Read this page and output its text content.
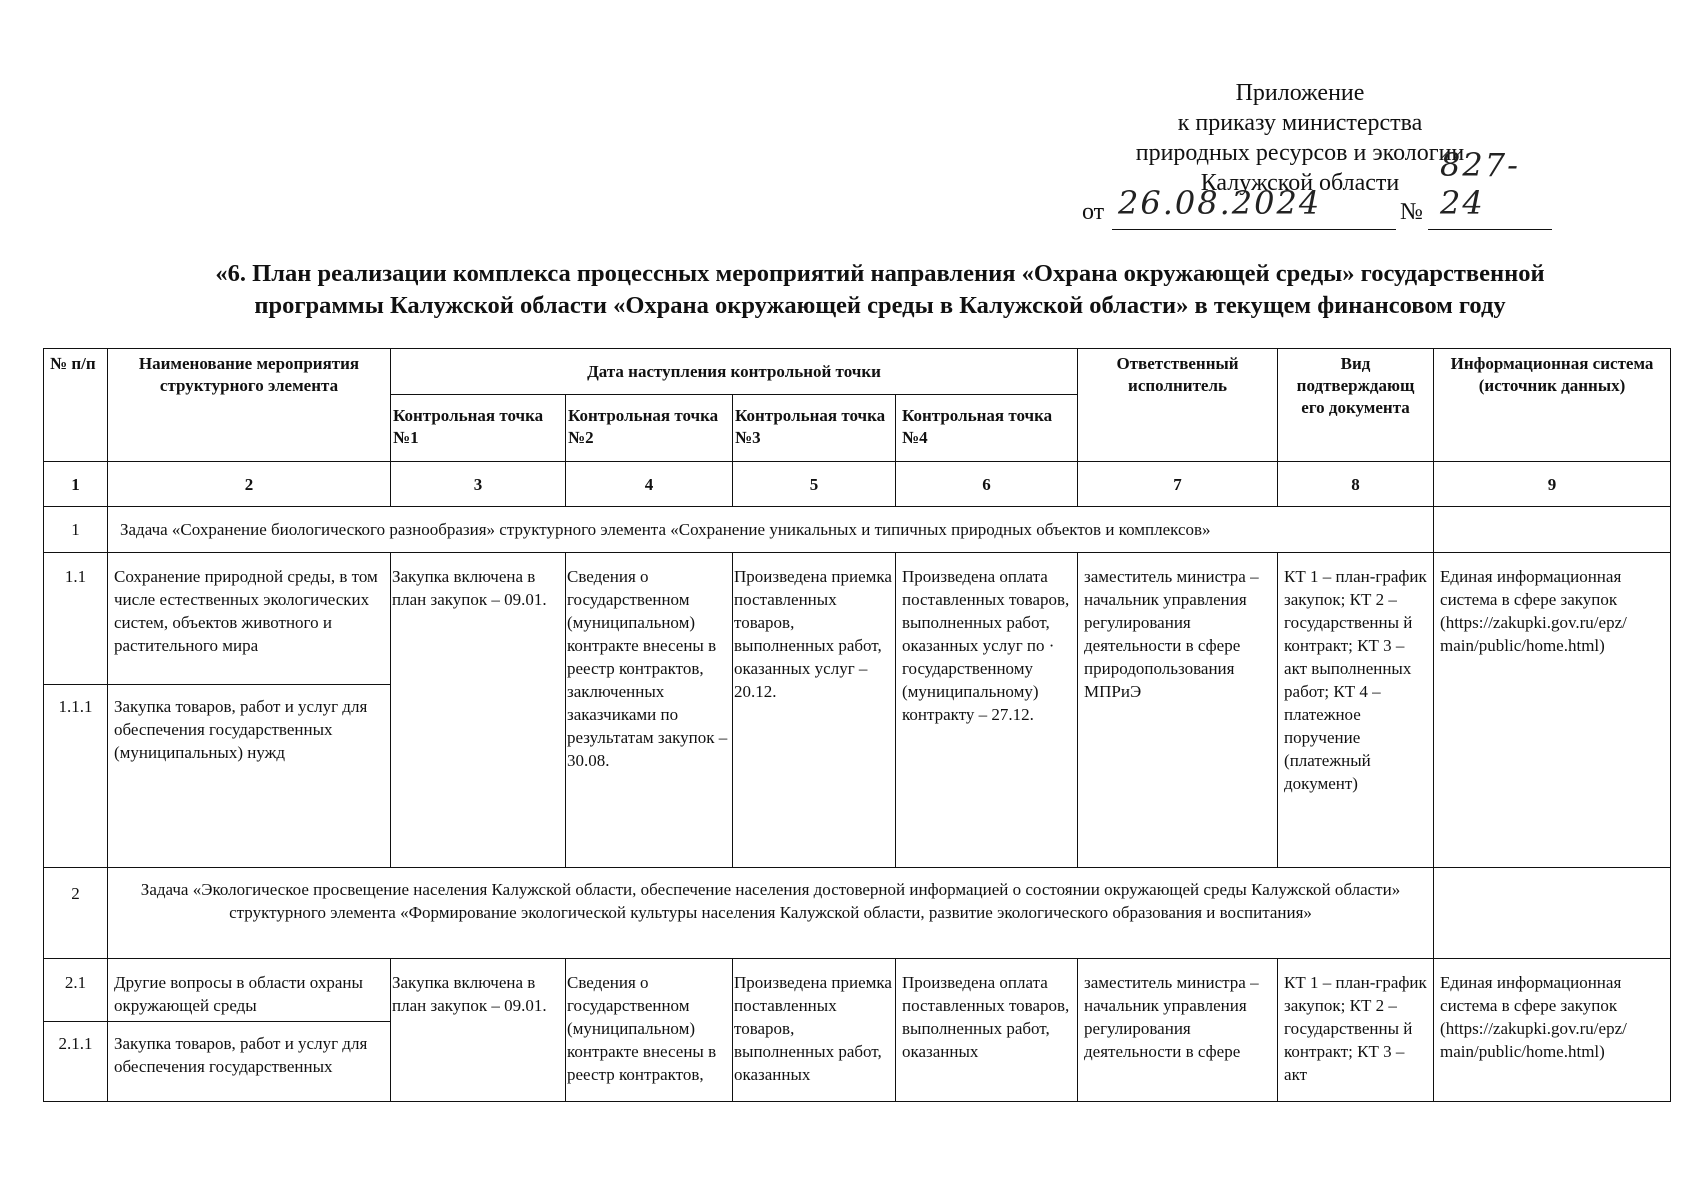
Приложение
к приказу министерства
природных ресурсов и экологии
Калужской области
от 26.08.2024	№
827-24
«6. План реализации комплекса процессных мероприятий направления «Охрана окружающей среды» государственной
программы Калужской области «Охрана окружающей среды в Калужской области» в текущем финансовом году
№ п/п	Наименование мероприятия структурного элемента	Дата наступления контрольной точки				Ответственный исполнитель	Вид подтверждающ его документа	Информационная система (источник данных)
		Контрольная точка №1	Контрольная точка №2	Контрольная точка №3	Контрольная точка №4			
1	2	3	4	5	6	7	8	9
1	Задача «Сохранение биологического разнообразия» структурного элемента «Сохранение уникальных и типичных природных объектов и комплексов»							
1.1	Сохранение природной среды, в том числе естественных экологических систем, объектов животного и растительного мира	Закупка включена в план закупок – 09.01.	Сведения о государственном (муниципальном) контракте внесены в реестр контрактов, заключенных заказчиками по результатам закупок – 30.08.	Произведена приемка поставленных товаров, выполненных работ, оказанных услуг – 20.12.	Произведена оплата поставленных товаров, выполненных работ, оказанных услуг по · государственному (муниципальному) контракту – 27.12.	заместитель министра – начальник управления регулирования деятельности в сфере природопользования МПРиЭ	КТ 1 – план-график закупок; КТ 2 – государственны й контракт; КТ 3 – акт выполненных работ; КТ 4 – платежное поручение (платежный документ)	Единая информационная система в сфере закупок (https://zakupki.gov.ru/epz/ main/public/home.html)
1.1.1	Закупка товаров, работ и услуг для обеспечения государственных (муниципальных) нужд							
2	Задача «Экологическое просвещение населения Калужской области, обеспечение населения достоверной информацией о состоянии окружающей среды Калужской области» структурного элемента «Формирование экологической культуры населения Калужской области, развитие экологического образования и воспитания»							
2.1	Другие вопросы в области охраны окружающей среды	Закупка включена в план закупок – 09.01.	Сведения о государственном (муниципальном) контракте внесены в реестр контрактов,	Произведена приемка поставленных товаров, выполненных работ, оказанных	Произведена оплата поставленных товаров, выполненных работ, оказанных	заместитель министра – начальник управления регулирования деятельности в сфере	КТ 1 – план-график закупок; КТ 2 – государственны й контракт; КТ 3 – акт	Единая информационная система в сфере закупок (https://zakupki.gov.ru/epz/ main/public/home.html)
2.1.1	Закупка товаров, работ и услуг для обеспечения государственных							
